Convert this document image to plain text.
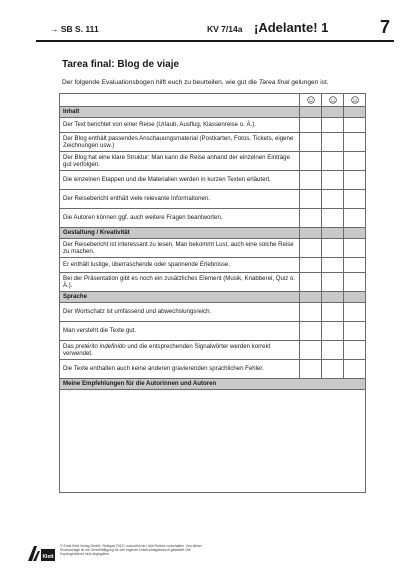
→ SB S. 111	KV 7/14a ¡Adelante! 1	7
Tarea final: Blog de viaje
Der folgende Evaluationsbogen hilft euch zu beurteilen, wie gut die Tarea final gelungen ist.

Inhalt			
Der Text berichtet von einer Reise (Urlaub, Ausflug, Klassenreise o. Ä.).			
Der Blog enthält passendes Anschauungsmaterial (Postkarten, Fotos, Tickets, eigene Zeichnungen usw.)			
Der Blog hat eine klare Struktur: Man kann die Reise anhand der einzelnen Einträge gut verfolgen.			
Die einzelnen Etappen und die Materialien werden in kurzen Texten erläutert.			
Der Reisebericht enthält viele relevante Informationen.			
Die Autoren können ggf. auch weitere Fragen beantworten.			
Gestaltung / Kreativität			
Der Reisebericht ist interessant zu lesen. Man bekommt Lust, auch eine solche Reise zu machen.			
Er enthält lustige, überraschende oder spannende Erlebnisse.			
Bei der Präsentation gibt es noch ein zusätzliches Element (Musik, Knabberei, Quiz o. Ä.).			
Sprache			
Der Wortschatz ist umfassend und abwechslungsreich.			
Man versteht die Texte gut.			
Das pretérito indefinido und die entsprechenden Signalwörter werden korrekt verwendet.			
Die Texte enthalten auch keine anderen gravierenden sprachlichen Fehler.			
Meine Empfehlungen für die Autorinnen und Autoren			

Klett
© Ernst Klett Verlag GmbH, Stuttgart 2013 | www.klett.de | Alle Rechte vorbehalten. Von dieser Druckvorlage ist die Vervielfältigung für den eigenen Unterrichtsgebrauch gestattet. Die Kopiergebühren sind abgegolten.
